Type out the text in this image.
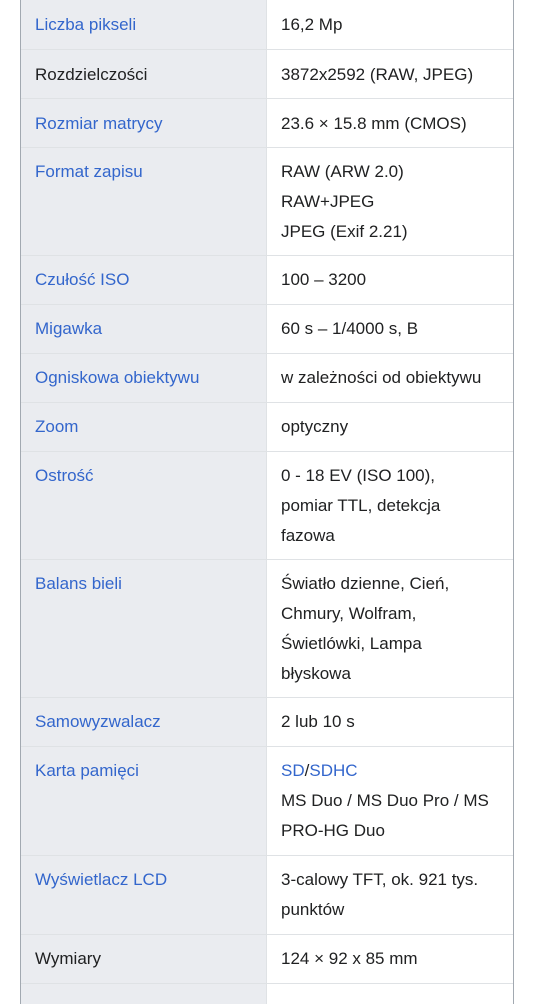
Liczba pikseli	16,2 Mp
Rozdzielczości	3872x2592 (RAW, JPEG)
Rozmiar matrycy	23.6 × 15.8 mm (CMOS)
Format zapisu	RAW (ARW 2.0)
RAW+JPEG
JPEG (Exif 2.21)
Czułość ISO	100 – 3200
Migawka	60 s – 1/4000 s, B
Ogniskowa obiektywu	w zależności od obiektywu
Zoom	optyczny
Ostrość	0 - 18 EV (ISO 100),
pomiar TTL, detekcja
fazowa
Balans bieli	Światło dzienne, Cień,
Chmury, Wolfram,
Świetlówki, Lampa
błyskowa
Samowyzwalacz	2 lub 10 s
Karta pamięci	SD/SDHC
MS Duo / MS Duo Pro / MS
PRO-HG Duo
Wyświetlacz LCD	3-calowy TFT, ok. 921 tys.
punktów
Wymiary	124 × 92 x 85 mm
